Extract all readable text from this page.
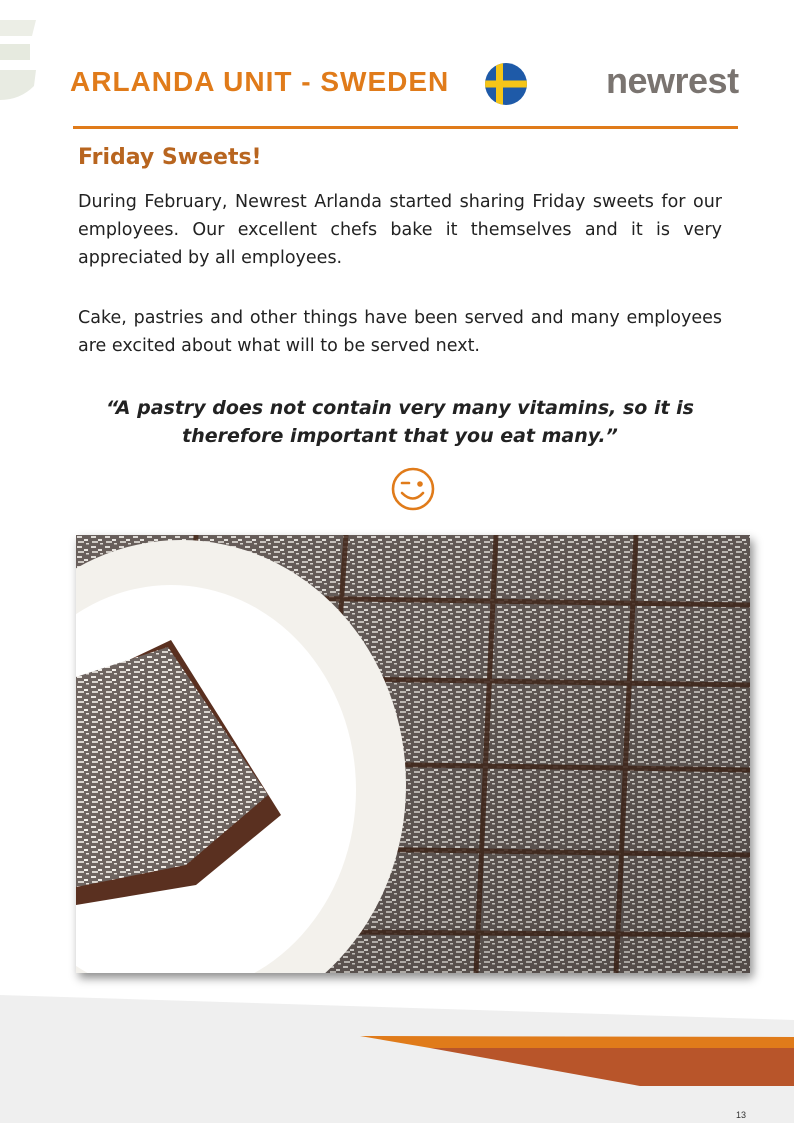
ARLANDA UNIT - SWEDEN	newrest
Friday Sweets!

During February, Newrest Arlanda started sharing Friday sweets for our employees. Our excellent chefs bake it themselves and it is very appreciated by all employees.

Cake, pastries and other things have been served and many employees are excited about what will to be served next.

“A pastry does not contain very many vitamins, so it is
therefore important that you eat many.”

13
